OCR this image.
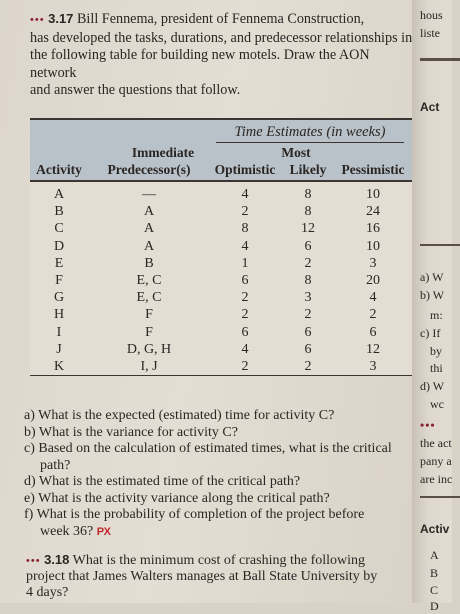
••• 3.17 Bill Fennema, president of Fennema Construction,
has developed the tasks, durations, and predecessor relationships in
the following table for building new motels. Draw the AON network
and answer the questions that follow.
Time Estimates (in weeks)
Immediate	Most
Activity	Predecessor(s)	Optimistic	Likely	Pessimistic
A	—	4	8	10
B	A	2	8	24
C	A	8	12	16
D	A	4	6	10
E	B	1	2	3
F	E, C	6	8	20
G	E, C	2	3	4
H	F	2	2	2
I	F	6	6	6
J	D, G, H	4	6	12
K	I, J	2	2	3
a) What is the expected (estimated) time for activity C?
b) What is the variance for activity C?
c) Based on the calculation of estimated times, what is the critical
path?
d) What is the estimated time of the critical path?
e) What is the activity variance along the critical path?
f) What is the probability of completion of the project before
week 36? PX
••• 3.18 What is the minimum cost of crashing the following
project that James Walters manages at Ball State University by
4 days?
hous
liste
Act
a) W
b) W
m:
c) If
by
thi
d) W
wc
•••
the act
pany a
are inc
Activ
A
B
C
D
